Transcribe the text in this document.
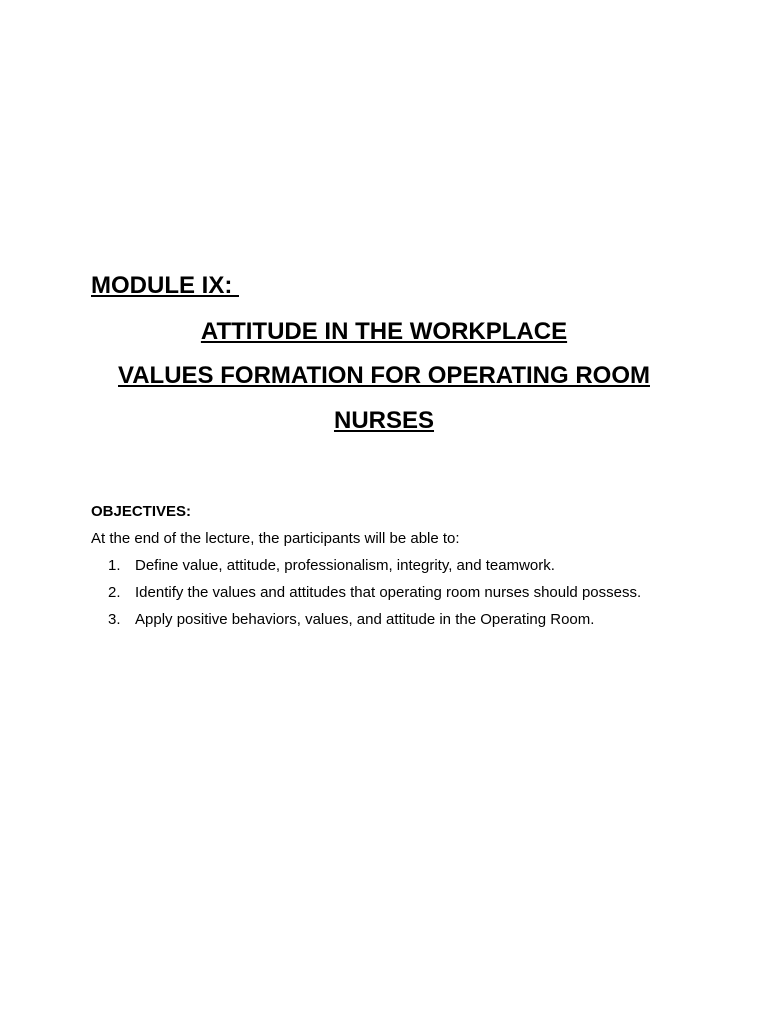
MODULE IX:
ATTITUDE IN THE WORKPLACE
VALUES FORMATION FOR OPERATING ROOM
NURSES
OBJECTIVES:
At the end of the lecture, the participants will be able to:
1. Define value, attitude, professionalism, integrity, and teamwork.
2. Identify the values and attitudes that operating room nurses should possess.
3. Apply positive behaviors, values, and attitude in the Operating Room.
